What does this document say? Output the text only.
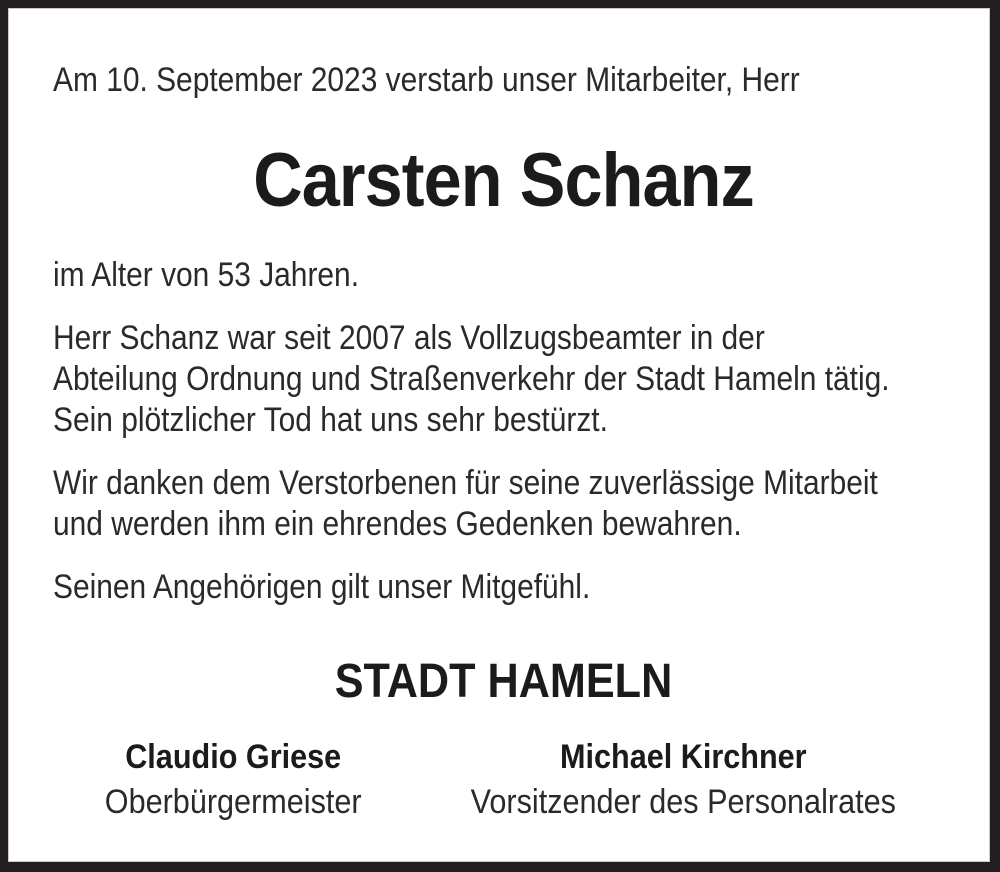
Am 10. September 2023 verstarb unser Mitarbeiter, Herr
Carsten Schanz
im Alter von 53 Jahren.
Herr Schanz war seit 2007 als Vollzugsbeamter in der
Abteilung Ordnung und Straßenverkehr der Stadt Hameln tätig.
Sein plötzlicher Tod hat uns sehr bestürzt.
Wir danken dem Verstorbenen für seine zuverlässige Mitarbeit
und werden ihm ein ehrendes Gedenken bewahren.
Seinen Angehörigen gilt unser Mitgefühl.
STADT HAMELN
Claudio Griese
Oberbürgermeister
Michael Kirchner
Vorsitzender des Personalrates
